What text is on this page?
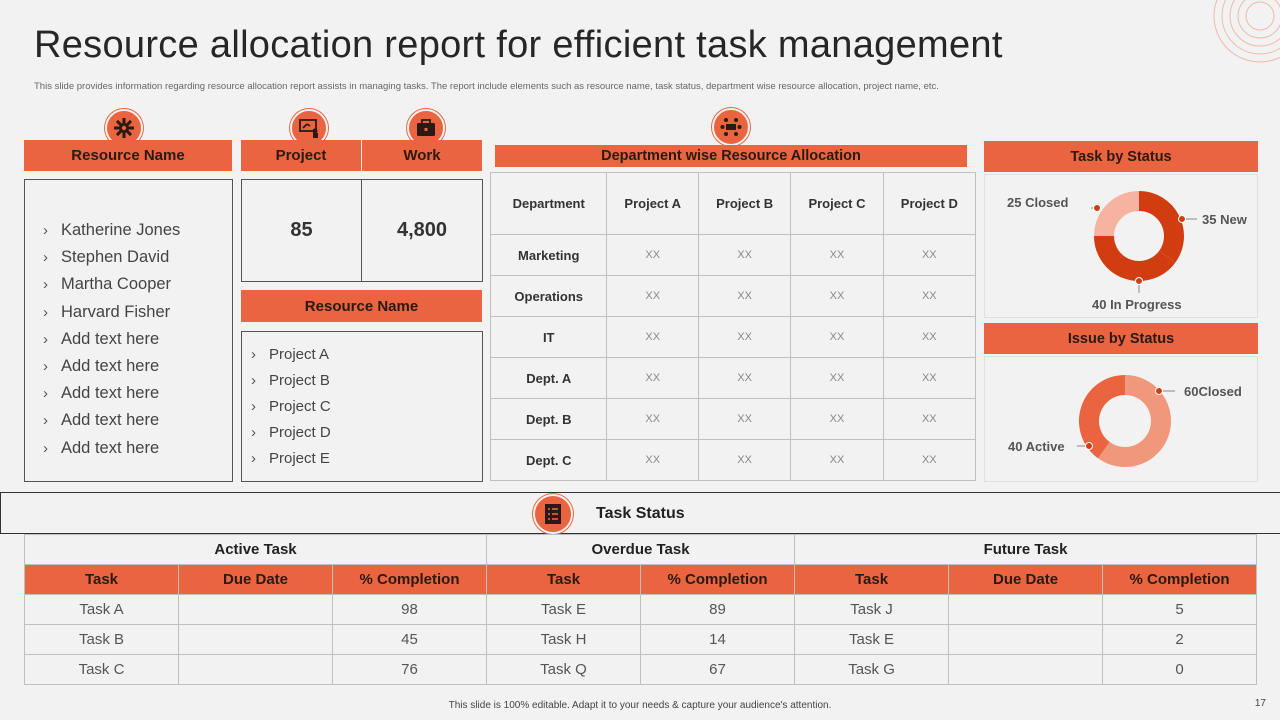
Resource allocation report for efficient task management
This slide provides information regarding resource allocation report assists in managing tasks. The report include elements such as resource name, task status, department wise resource allocation, project name, etc.
Resource Name
› Katherine Jones
› Stephen David
› Martha Cooper
› Harvard Fisher
› Add text here
› Add text here
› Add text here
› Add text here
› Add text here
Project	Work
85	4,800
Resource Name
› Project A
› Project B
› Project C
› Project D
› Project E
Department wise Resource Allocation
Department	Project A	Project B	Project C	Project D
Marketing	XX	XX	XX	XX
Operations	XX	XX	XX	XX
IT	XX	XX	XX	XX
Dept. A	XX	XX	XX	XX
Dept. B	XX	XX	XX	XX
Dept. C	XX	XX	XX	XX
Task by Status
25 Closed
35 New
40 In Progress
Issue by Status
60Closed
40 Active
Task Status
Active Task			Overdue Task		Future Task		
Task	Due Date	% Completion	Task	% Completion	Task	Due Date	% Completion
Task A		98	Task E	89	Task J		5
Task B		45	Task H	14	Task E		2
Task C		76	Task Q	67	Task G		0
This slide is 100% editable. Adapt it to your needs & capture your audience's attention.	17
